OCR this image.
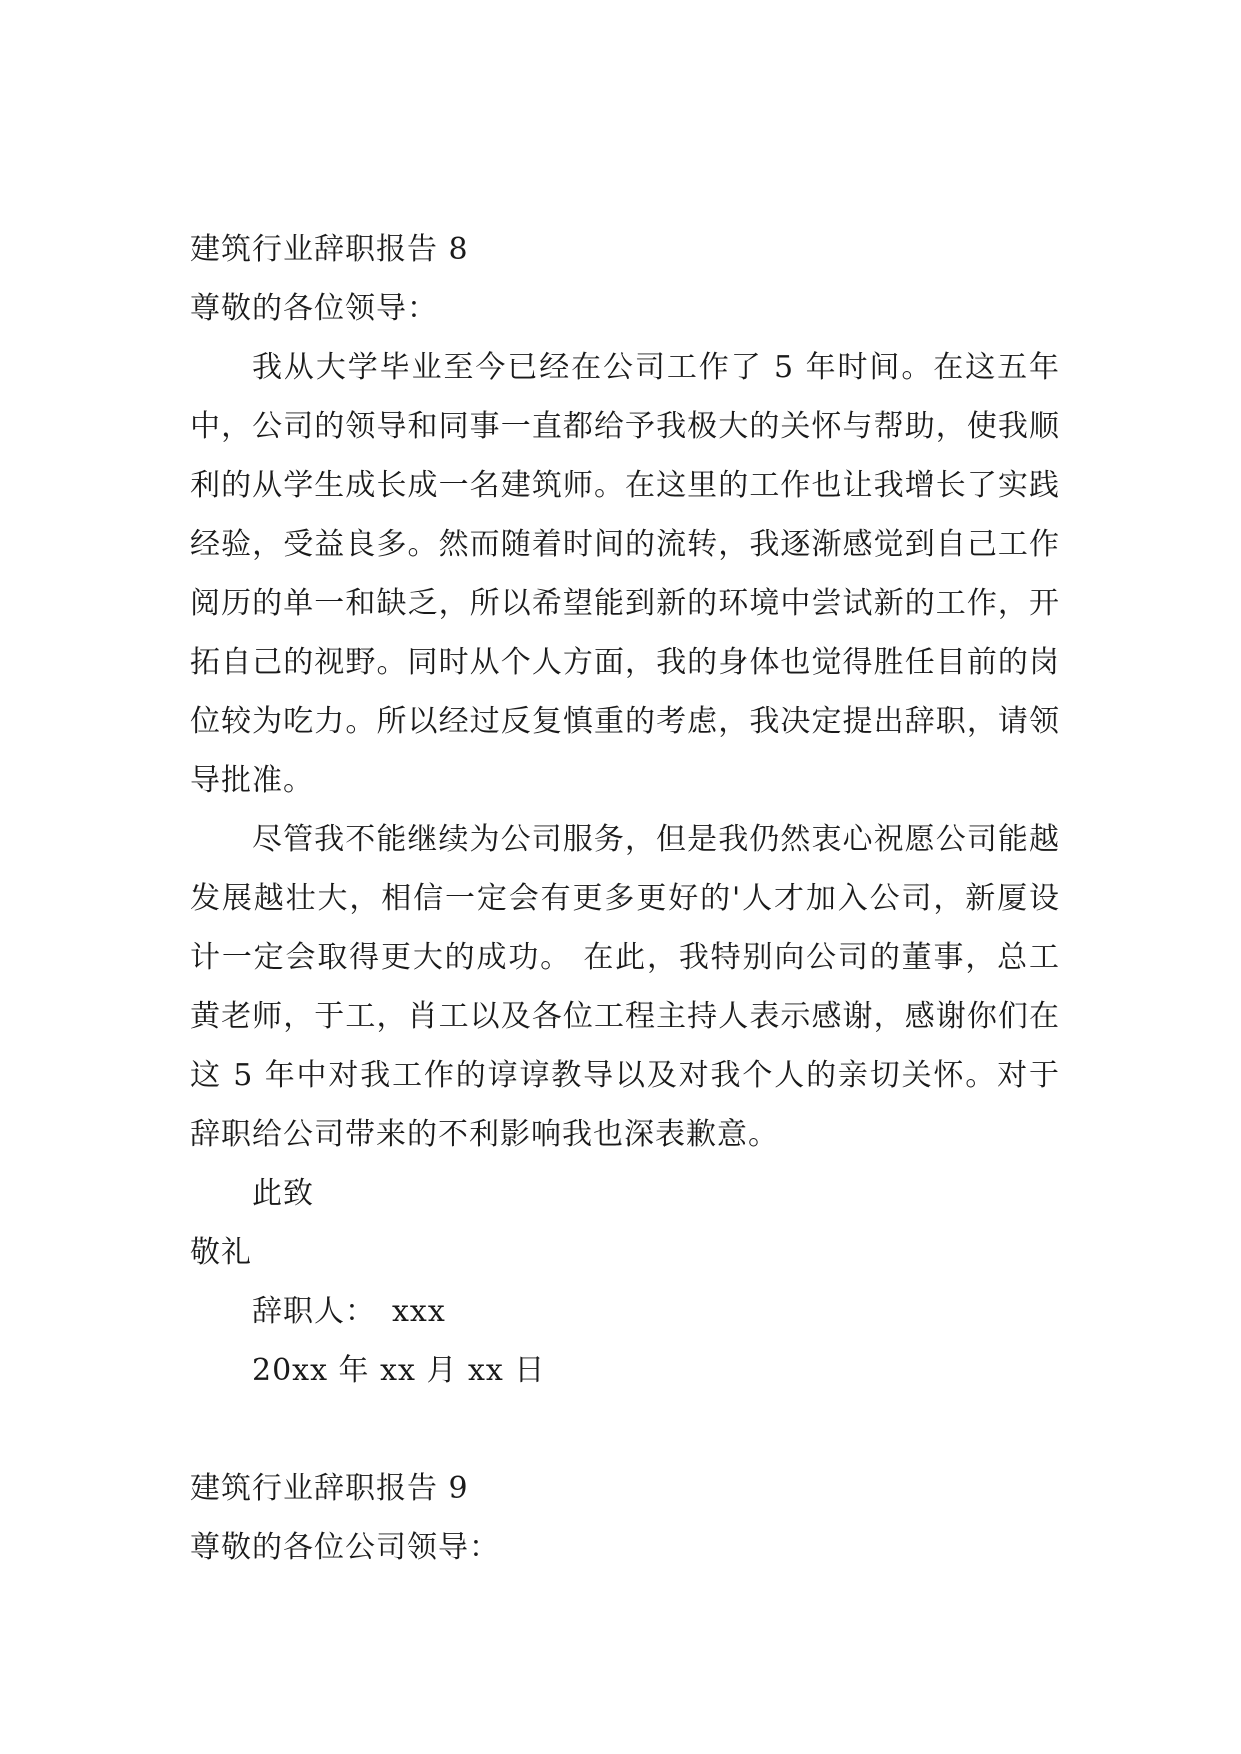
建筑行业辞职报告 8
尊敬的各位领导：
我从大学毕业至今已经在公司工作了 5 年时间。在这五年中，公司的领导和同事一直都给予我极大的关怀与帮助，使我顺利的从学生成长成一名建筑师。在这里的工作也让我增长了实践经验，受益良多。然而随着时间的流转，我逐渐感觉到自己工作阅历的单一和缺乏，所以希望能到新的环境中尝试新的工作，开拓自己的视野。同时从个人方面，我的身体也觉得胜任目前的岗位较为吃力。所以经过反复慎重的考虑，我决定提出辞职，请领导批准。
尽管我不能继续为公司服务，但是我仍然衷心祝愿公司能越发展越壮大，相信一定会有更多更好的'人才加入公司，新厦设计一定会取得更大的成功。 在此，我特别向公司的董事，总工黄老师，于工，肖工以及各位工程主持人表示感谢，感谢你们在这 5 年中对我工作的谆谆教导以及对我个人的亲切关怀。对于辞职给公司带来的不利影响我也深表歉意。
此致
敬礼
辞职人：　xxx
20xx 年 xx 月 xx 日
建筑行业辞职报告 9
尊敬的各位公司领导：
